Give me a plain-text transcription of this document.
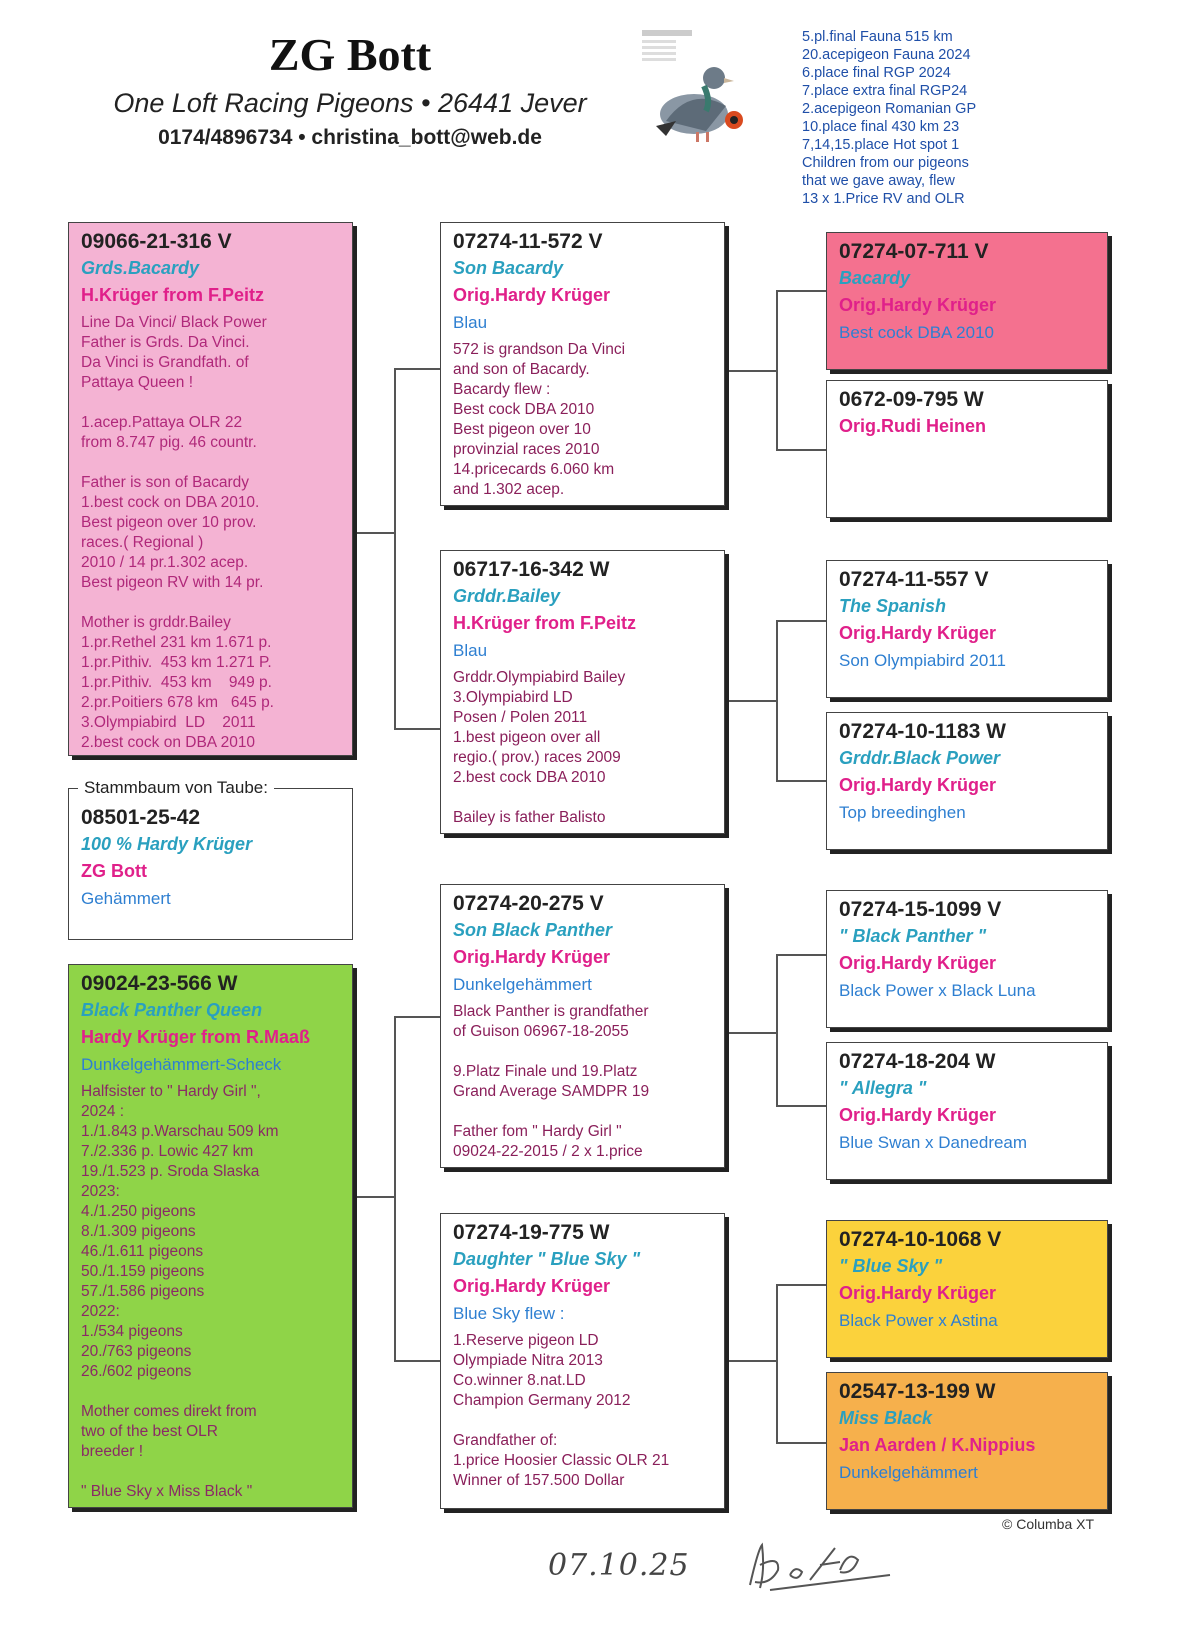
ZG Bott
One Loft Racing Pigeons • 26441 Jever
0174/4896734 • christina_bott@web.de
5.pl.final Fauna 515 km
20.acepigeon Fauna 2024
6.place final RGP 2024
7.place extra final RGP24
2.acepigeon Romanian GP
10.place final 430 km 23
7,14,15.place Hot spot 1
Children from our pigeons
that we gave away, flew
13 x 1.Price RV and OLR
09066-21-316 V
Grds.Bacardy
H.Krüger from F.Peitz
Line Da Vinci/ Black Power
Father is Grds. Da Vinci.
Da Vinci is Grandfath. of
Pattaya Queen !
1.acep.Pattaya OLR 22
from 8.747 pig. 46 countr.
Father is son of Bacardy
1.best cock on DBA 2010.
Best pigeon over 10 prov.
races.( Regional )
2010 / 14 pr.1.302 acep.
Best pigeon RV with 14 pr.
Mother is grddr.Bailey
1.pr.Rethel 231 km 1.671 p.
1.pr.Pithiv.  453 km 1.271 P.
1.pr.Pithiv.  453 km    949 p.
2.pr.Poitiers 678 km   645 p.
3.Olympiabird  LD    2011
2.best cock on DBA 2010
08501-25-42
100 % Hardy Krüger
ZG Bott
Gehämmert
Stammbaum von Taube:
09024-23-566 W
Black Panther Queen
Hardy Krüger from R.Maaß
Dunkelgehämmert-Scheck
Halfsister to " Hardy Girl ",
2024 :
1./1.843 p.Warschau 509 km
7./2.336 p. Lowic 427 km
19./1.523 p. Sroda Slaska
2023:
4./1.250 pigeons
8./1.309 pigeons
46./1.611 pigeons
50./1.159 pigeons
57./1.586 pigeons
2022:
1./534 pigeons
20./763 pigeons
26./602 pigeons
Mother comes direkt from
two of the best OLR
breeder !
" Blue Sky x Miss Black "
07274-11-572 V
Son Bacardy
Orig.Hardy Krüger
Blau
572 is grandson Da Vinci
and son of Bacardy.
Bacardy flew :
Best cock DBA 2010
Best pigeon over 10
provinzial races 2010
14.pricecards 6.060 km
and 1.302 acep.
06717-16-342 W
Grddr.Bailey
H.Krüger from F.Peitz
Blau
Grddr.Olympiabird Bailey
3.Olympiabird LD
Posen / Polen 2011
1.best pigeon over all
regio.( prov.) races 2009
2.best cock DBA 2010
Bailey is father Balisto
07274-20-275 V
Son Black Panther
Orig.Hardy Krüger
Dunkelgehämmert
Black Panther is grandfather
of Guison 06967-18-2055
9.Platz Finale und 19.Platz
Grand Average SAMDPR 19
Father fom " Hardy Girl "
09024-22-2015 / 2 x 1.price
07274-19-775 W
Daughter " Blue Sky "
Orig.Hardy Krüger
Blue Sky flew :
1.Reserve pigeon LD
Olympiade Nitra 2013
Co.winner 8.nat.LD
Champion Germany 2012
Grandfather of:
1.price Hoosier Classic OLR 21
Winner of 157.500 Dollar
07274-07-711 V
Bacardy
Orig.Hardy Krüger
Best cock DBA 2010
0672-09-795 W
Orig.Rudi Heinen
07274-11-557 V
The Spanish
Orig.Hardy Krüger
Son Olympiabird 2011
07274-10-1183 W
Grddr.Black Power
Orig.Hardy Krüger
Top breedinghen
07274-15-1099 V
" Black Panther "
Orig.Hardy Krüger
Black Power x Black Luna
07274-18-204 W
" Allegra "
Orig.Hardy Krüger
Blue Swan x Danedream
07274-10-1068 V
" Blue Sky "
Orig.Hardy Krüger
Black Power x Astina
02547-13-199 W
Miss Black
Jan Aarden / K.Nippius
Dunkelgehämmert
© Columba XT
07.10.25
